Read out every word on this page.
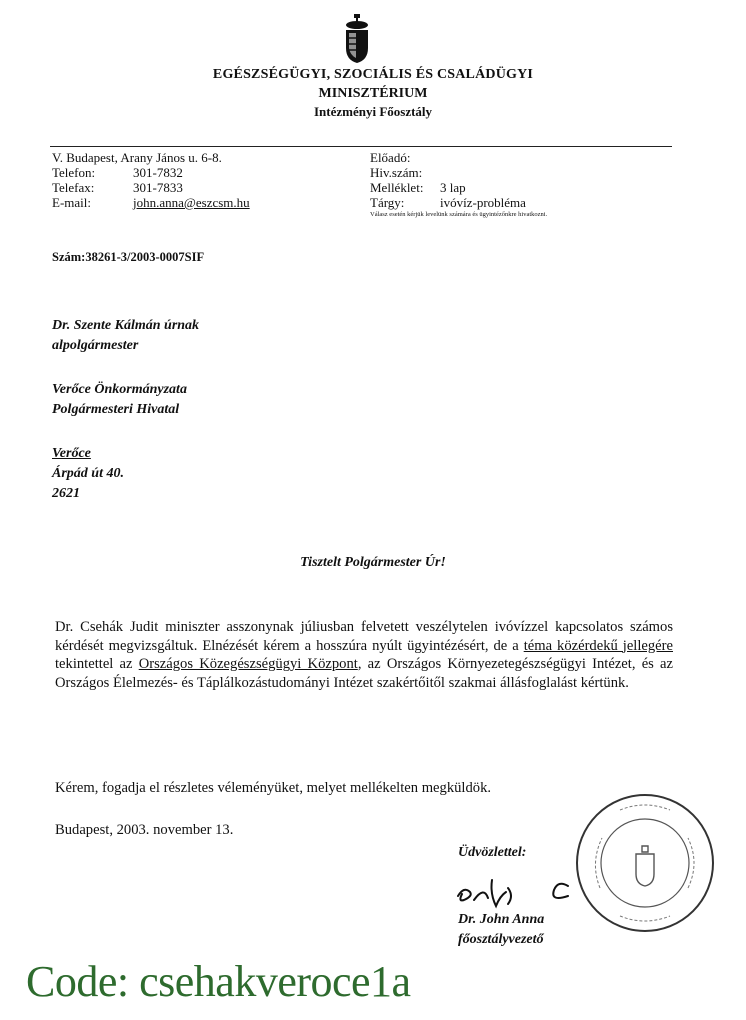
EGÉSZSÉGÜGYI, SZOCIÁLIS ÉS CSALÁDÜGYI
MINISZTÉRIUM
Intézményi Főosztály
V. Budapest, Arany János u. 6-8.
Telefon:	301-7832
Telefax:	301-7833
E-mail:	john.anna@eszcsm.hu
Előadó:
Hiv.szám:
Melléklet:	3 lap
Tárgy:	ivóvíz-probléma
Válasz esetén kérjük levelünk számára és ügyintézőnkre hivatkozni.
Szám:38261-3/2003-0007SIF
Dr. Szente Kálmán úrnak
alpolgármester
Verőce Önkormányzata
Polgármesteri Hivatal
Verőce
Árpád út 40.
2621
Tisztelt Polgármester Úr!
Dr. Csehák Judit miniszter asszonynak júliusban felvetett veszélytelen ivóvízzel kapcsolatos számos kérdését megvizsgáltuk. Elnézését kérem a hosszúra nyúlt ügyintézésért, de a téma közérdekű jellegére tekintettel az Országos Közegészségügyi Központ, az Országos Környezetegészségügyi Intézet, és az Országos Élelmezés- és Táplálkozástudományi Intézet szakértőitől szakmai állásfoglalást kértünk.
Kérem, fogadja el részletes véleményüket, melyet mellékelten megküldök.
Budapest, 2003. november 13.
Üdvözlettel:
Dr. John Anna
főosztályvezető
Code: csehakveroce1a
